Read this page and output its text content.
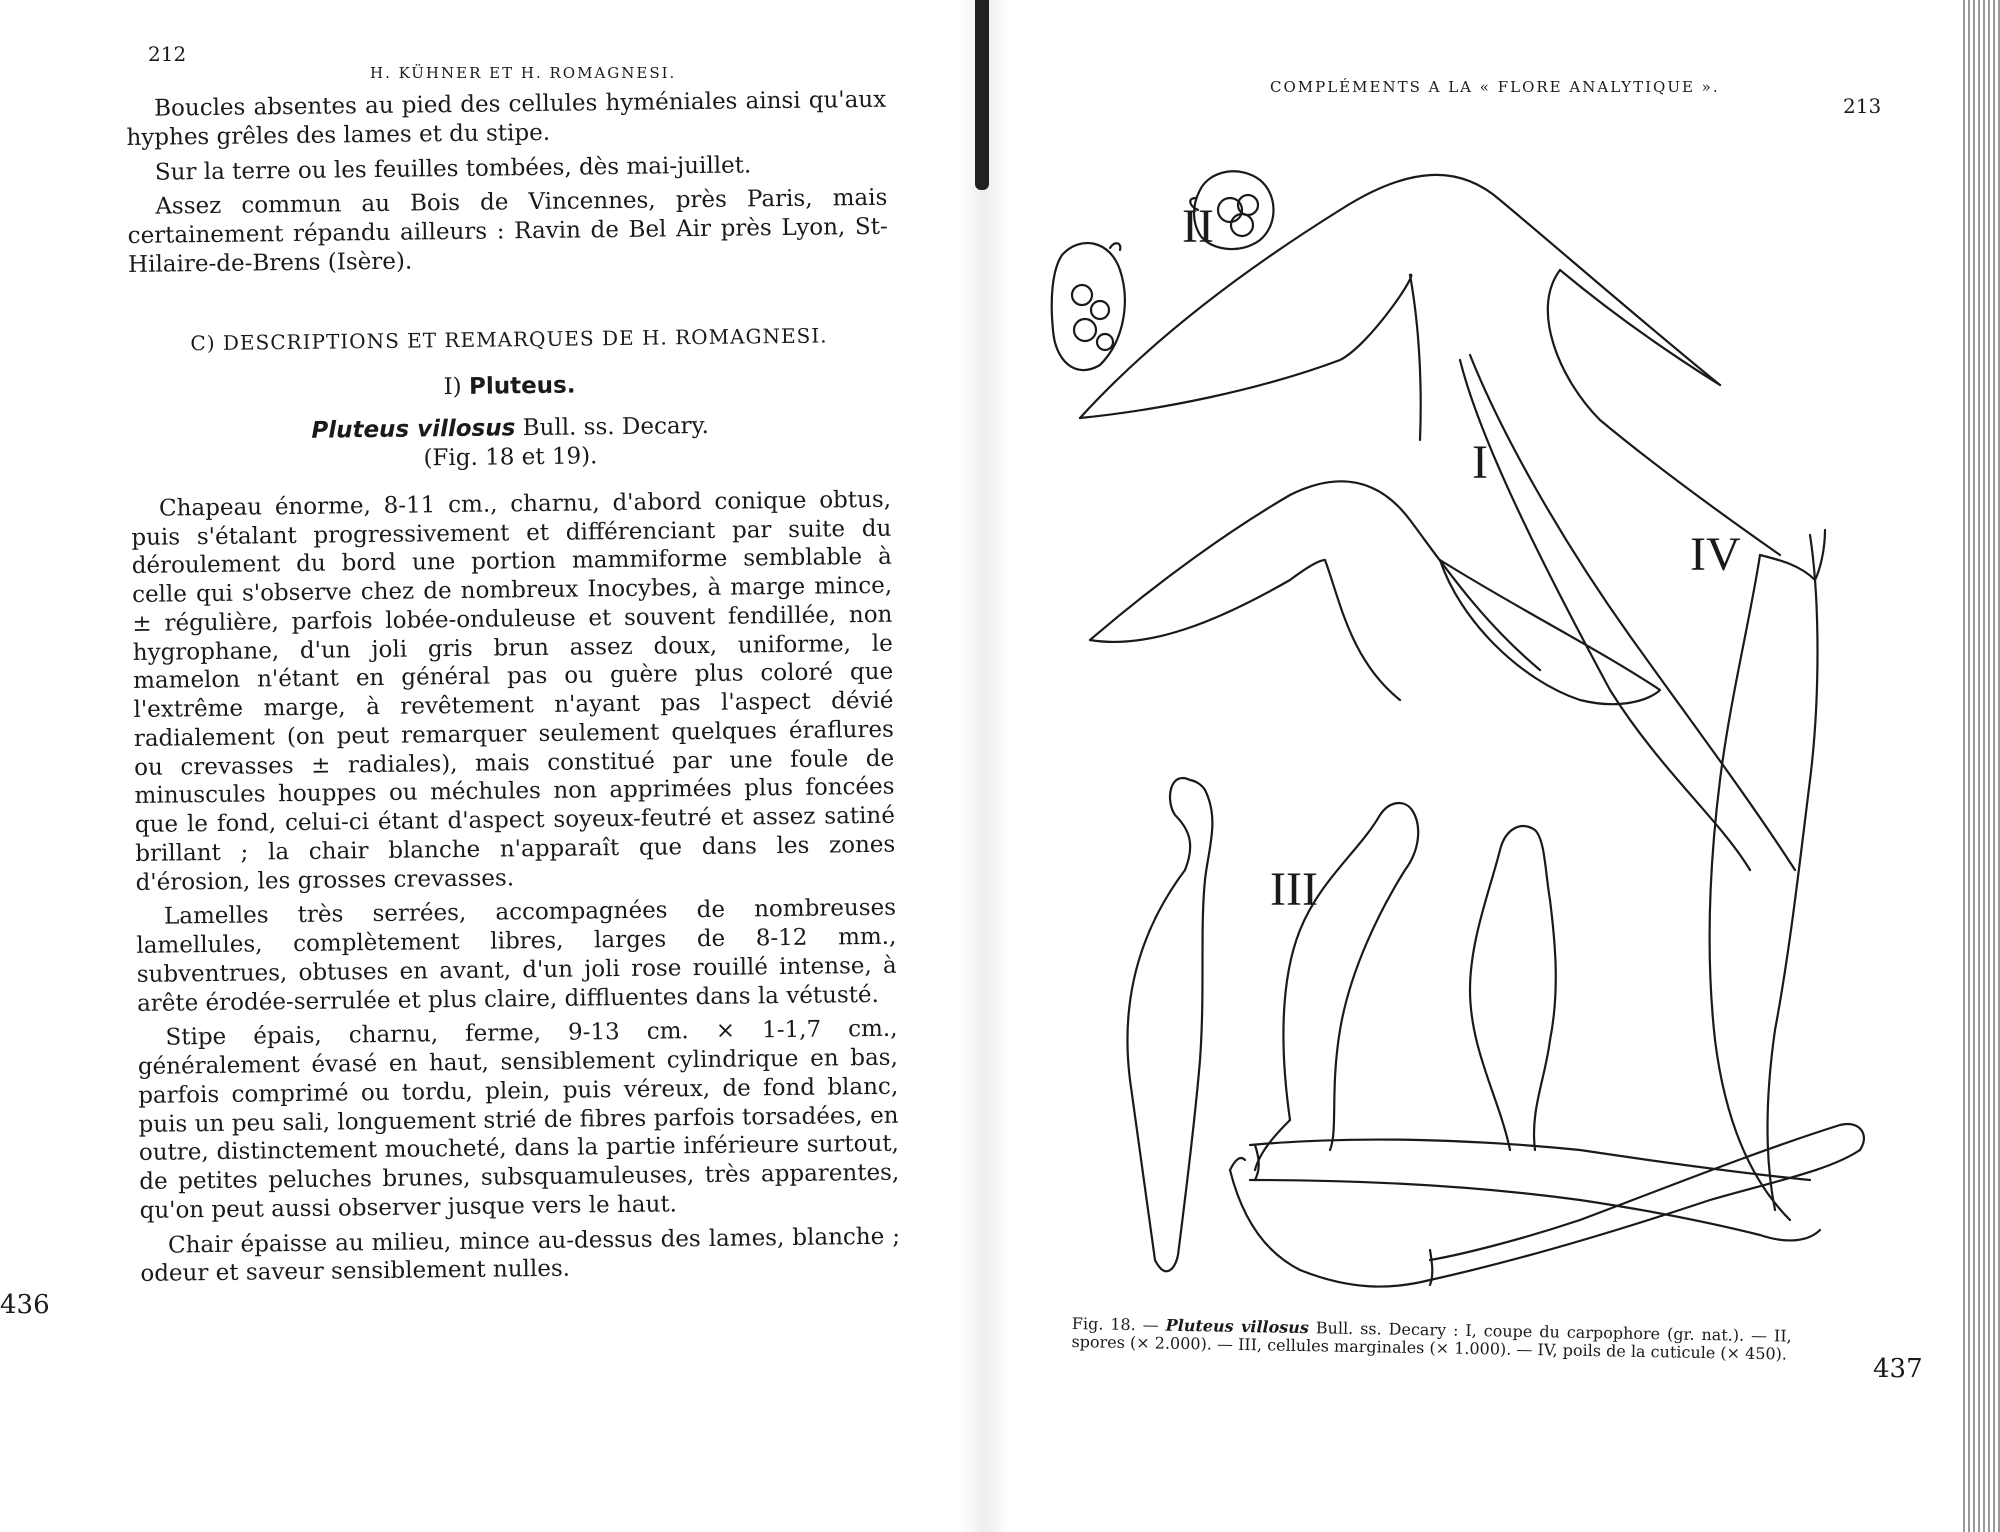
212
H. KÜHNER ET H. ROMAGNESI.

Boucles absentes au pied des cellules hyméniales ainsi qu'aux hyphes grêles des lames et du stipe.

Sur la terre ou les feuilles tombées, dès mai-juillet.

Assez commun au Bois de Vincennes, près Paris, mais certainement répandu ailleurs : Ravin de Bel Air près Lyon, St-Hilaire-de-Brens (Isère).

C) DESCRIPTIONS ET REMARQUES DE H. ROMAGNESI.
I) Pluteus.
Pluteus villosus Bull. ss. Decary.
(Fig. 18 et 19).

Chapeau énorme, 8-11 cm., charnu, d'abord conique obtus, puis s'étalant progressivement et différenciant par suite du déroulement du bord une portion mammiforme semblable à celle qui s'observe chez de nombreux Inocybes, à marge mince, ± régulière, parfois lobée-onduleuse et souvent fendillée, non hygrophane, d'un joli gris brun assez doux, uniforme, le mamelon n'étant en général pas ou guère plus coloré que l'extrême marge, à revêtement n'ayant pas l'aspect dévié radialement (on peut remarquer seulement quelques éraflures ou crevasses ± radiales), mais constitué par une foule de minuscules houppes ou méchules non apprimées plus foncées que le fond, celui-ci étant d'aspect soyeux-feutré et assez satiné brillant ; la chair blanche n'apparaît que dans les zones d'érosion, les grosses crevasses.

Lamelles très serrées, accompagnées de nombreuses lamellules, complètement libres, larges de 8-12 mm., subventrues, obtuses en avant, d'un joli rose rouillé intense, à arête érodée-serrulée et plus claire, diffluentes dans la vétusté.

Stipe épais, charnu, ferme, 9-13 cm. × 1-1,7 cm., généralement évasé en haut, sensiblement cylindrique en bas, parfois comprimé ou tordu, plein, puis véreux, de fond blanc, puis un peu sali, longuement strié de fibres parfois torsadées, en outre, distinctement moucheté, dans la partie inférieure surtout, de petites peluches brunes, subsquamuleuses, très apparentes, qu'on peut aussi observer jusque vers le haut.

Chair épaisse au milieu, mince au-dessus des lames, blanche ; odeur et saveur sensiblement nulles.

436
COMPLÉMENTS A LA « FLORE ANALYTIQUE ».
213
II
I
III
IV
Fig. 18. — Pluteus villosus Bull. ss. Decary : I, coupe du carpophore (gr. nat.). — II, spores (× 2.000). — III, cellules marginales (× 1.000). — IV, poils de la cuticule (× 450).
437
